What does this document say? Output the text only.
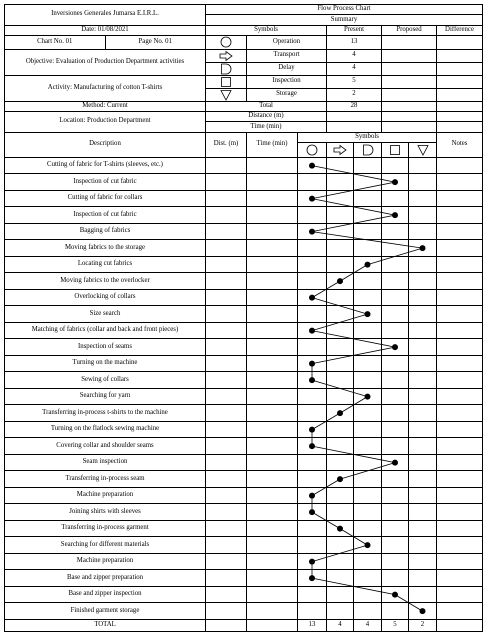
Inversiones Generales Jumarsa E.I.R.L.	Flow Process Chart							
	Summary							
Date: 01/08/2021	Symbols			Present		Proposed		Difference

Chart No. 01 Page No. 01		Operation		13				
Objective: Evaluation of Production Department activities		Transport		4				

	Delay		4				
Activity: Manufacturing of cotton T-shirts		Inspection		5				

	Storage		2				
Method: Current	Total			28				
Location: Production Department	Distance (m)							
	Time (min)							
Description	Dist. (m)	Time (min)	Symbols					Notes

Cutting of fabric for T-shirts (sleeves, etc.)								
Inspection of cut fabric								
Cutting of fabric for collars								
Inspection of cut fabric								
Bagging of fabrics								
Moving fabrics to the storage								
Locating cut fabrics								
Moving fabrics to the overlocker								
Overlocking of collars								
Size search								
Matching of fabrics (collar and back and front pieces)								
Inspection of seams								
Turning on the machine								
Sewing of collars								
Searching for yarn								
Transferring in-process t-shirts to the machine								
Turning on the flatlock sewing machine								
Covering collar and shoulder seams								
Seam inspection								
Transferring in-process seam								
Machine preparation								
Joining shirts with sleeves								
Transferring in-process garment								
Searching for different materials								
Machine preparation								
Base and zipper preparation								
Base and zipper inspection								
Finished garment storage								
TOTAL			13	4	4	5	2	
